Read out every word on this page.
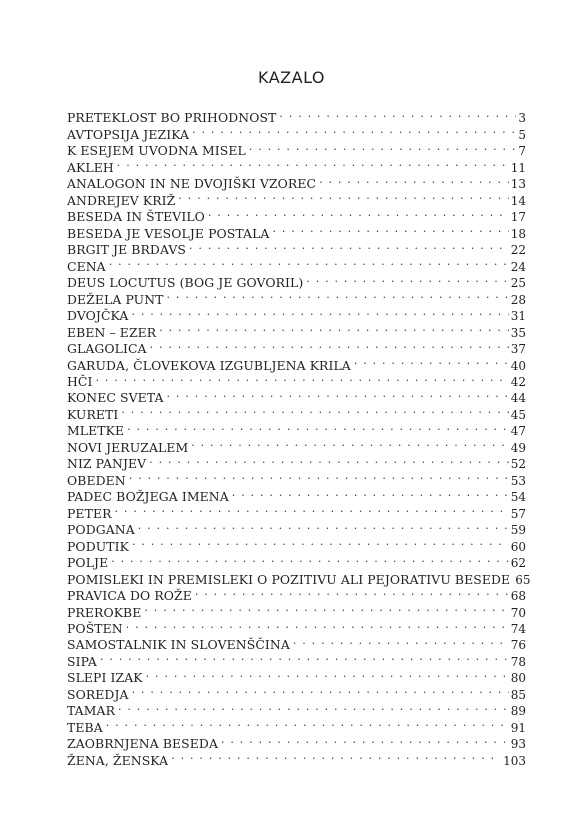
KAZALO
PRETEKLOST BO PRIHODNOST . . .	3
AVTOPSIJA JEZIKA . . .	5
K ESEJEM UVODNA MISEL . . .	7
AKLEH . . .	11
ANALOGON IN NE DVOJIŠKI VZOREC . . .	13
ANDREJEV KRIŽ . . .	14
BESEDA IN ŠTEVILO . . .	17
BESEDA JE VESOLJE POSTALA . . .	18
BRGIT JE BRDAVS . . .	22
CENA . . .	24
DEUS LOCUTUS (BOG JE GOVORIL) . . .	25
DEŽELA PUNT . . .	28
DVOJČKA . . .	31
EBEN – EZER . . .	35
GLAGOLICA . . .	37
GARUDA, ČLOVEKOVA IZGUBLJENA KRILA . . .	40
HČI . . .	42
KONEC SVETA . . .	44
KURETI . . .	45
MLETKE . . .	47
NOVI JERUZALEM . . .	49
NIZ PANJEV . . .	52
OBEDEN . . .	53
PADEC BOŽJEGA IMENA . . .	54
PETER . . .	57
PODGANA . . .	59
PODUTIK . . .	60
POLJE . . .	62
POMISLEKI IN PREMISLEKI O POZITIVU ALI PEJORATIVU BESEDE 65
PRAVICA DO ROŽE . . .	68
PREROKBE . . .	70
POŠTEN . . .	74
SAMOSTALNIK IN SLOVENŠČINA . . .	76
SIPA . . .	78
SLEPI IZAK . . .	80
SOREDJA . . .	85
TAMAR . . .	89
TEBA . . .	91
ZAOBRNJENA BESEDA . . .	93
ŽENA, ŽENSKA . . .	103
